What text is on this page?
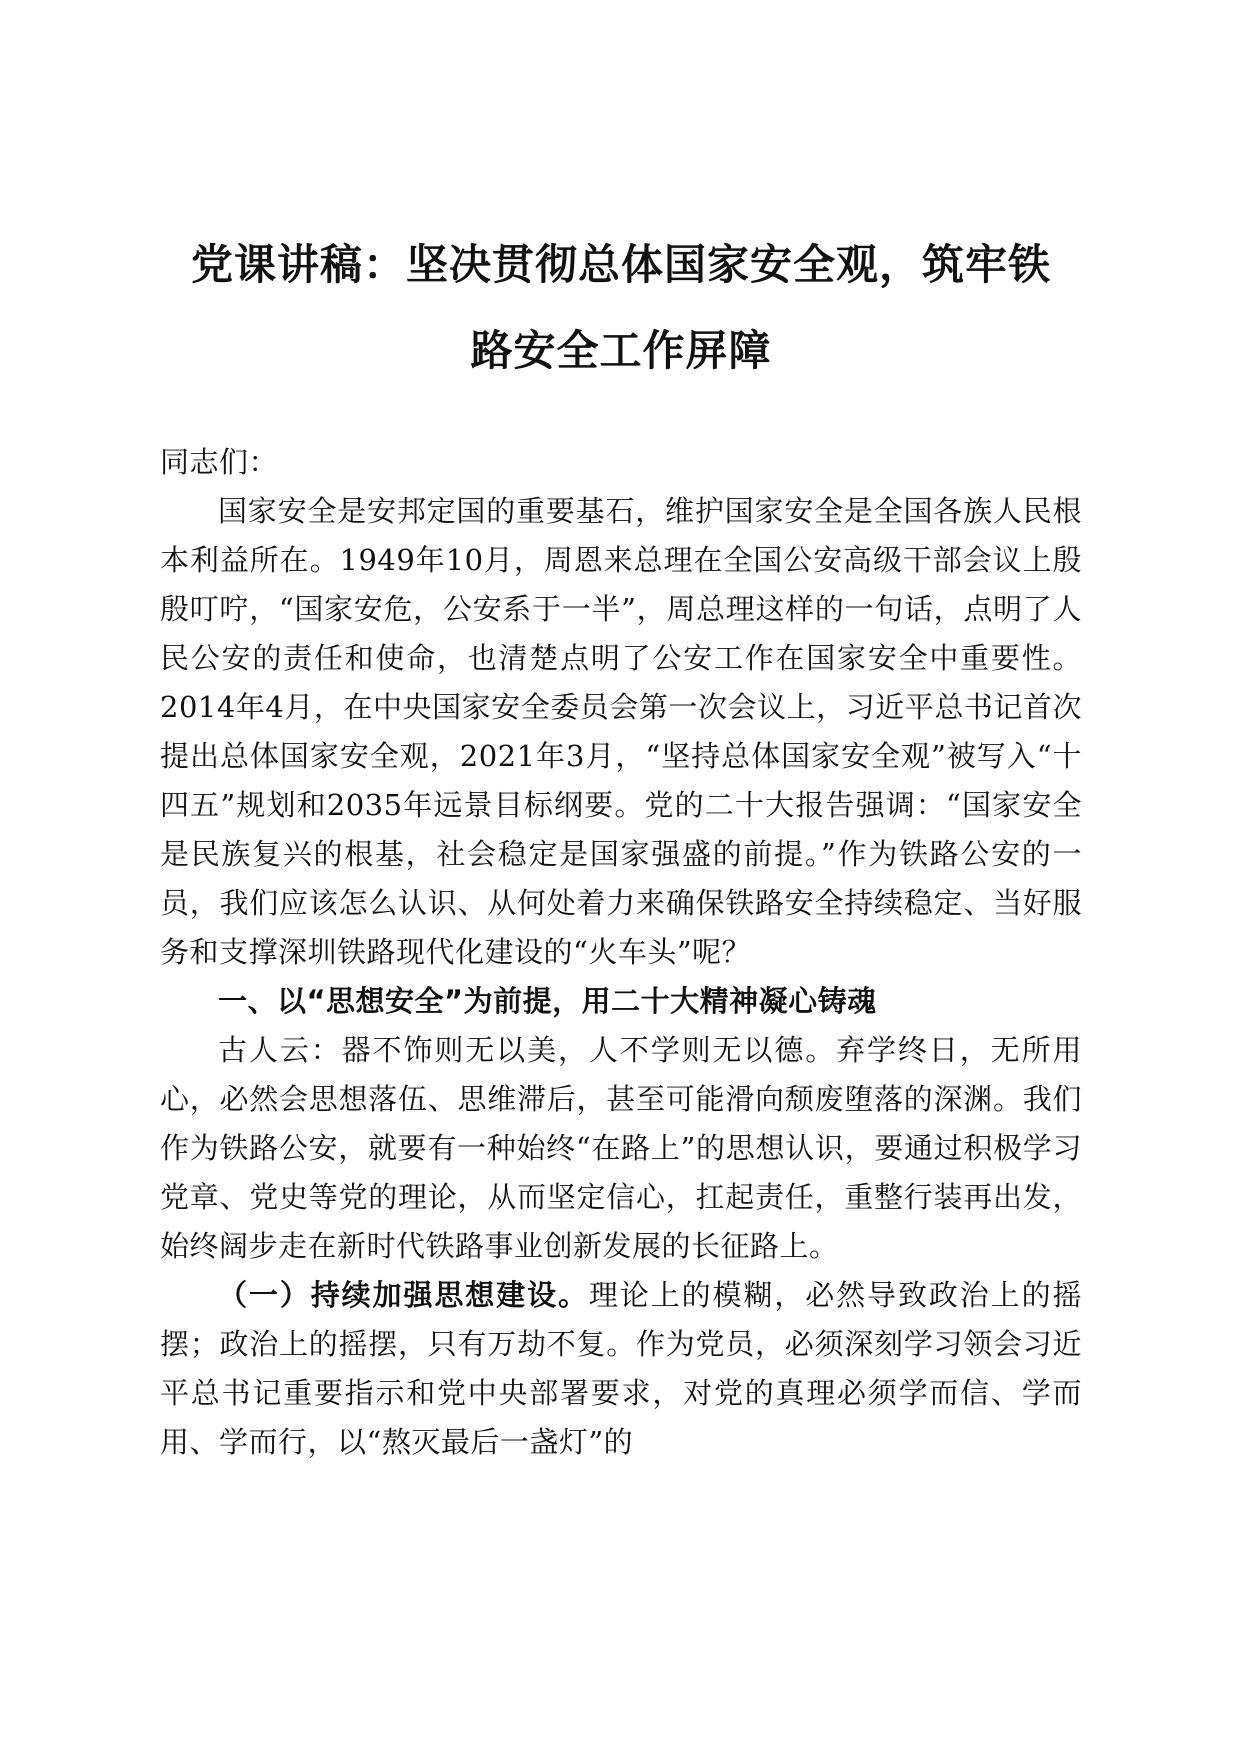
党课讲稿：坚决贯彻总体国家安全观，筑牢铁
路安全工作屏障

同志们：

国家安全是安邦定国的重要基石，维护国家安全是全国各族人民根本利益所在。1949年10月，周恩来总理在全国公安高级干部会议上殷殷叮咛，“国家安危，公安系于一半”，周总理这样的一句话，点明了人民公安的责任和使命，也清楚点明了公安工作在国家安全中重要性。2014年4月，在中央国家安全委员会第一次会议上，习近平总书记首次提出总体国家安全观，2021年3月，“坚持总体国家安全观”被写入“十四五”规划和2035年远景目标纲要。党的二十大报告强调：“国家安全是民族复兴的根基，社会稳定是国家强盛的前提。”作为铁路公安的一员，我们应该怎么认识、从何处着力来确保铁路安全持续稳定、当好服务和支撑深圳铁路现代化建设的“火车头”呢？

一、以“思想安全”为前提，用二十大精神凝心铸魂

古人云：器不饰则无以美，人不学则无以德。弃学终日，无所用心，必然会思想落伍、思维滞后，甚至可能滑向颓废堕落的深渊。我们作为铁路公安，就要有一种始终“在路上”的思想认识，要通过积极学习党章、党史等党的理论，从而坚定信心，扛起责任，重整行装再出发，始终阔步走在新时代铁路事业创新发展的长征路上。

（一）持续加强思想建设。理论上的模糊，必然导致政治上的摇摆；政治上的摇摆，只有万劫不复。作为党员，必须深刻学习领会习近平总书记重要指示和党中央部署要求，对党的真理必须学而信、学而用、学而行，以“熬灭最后一盏灯”的
